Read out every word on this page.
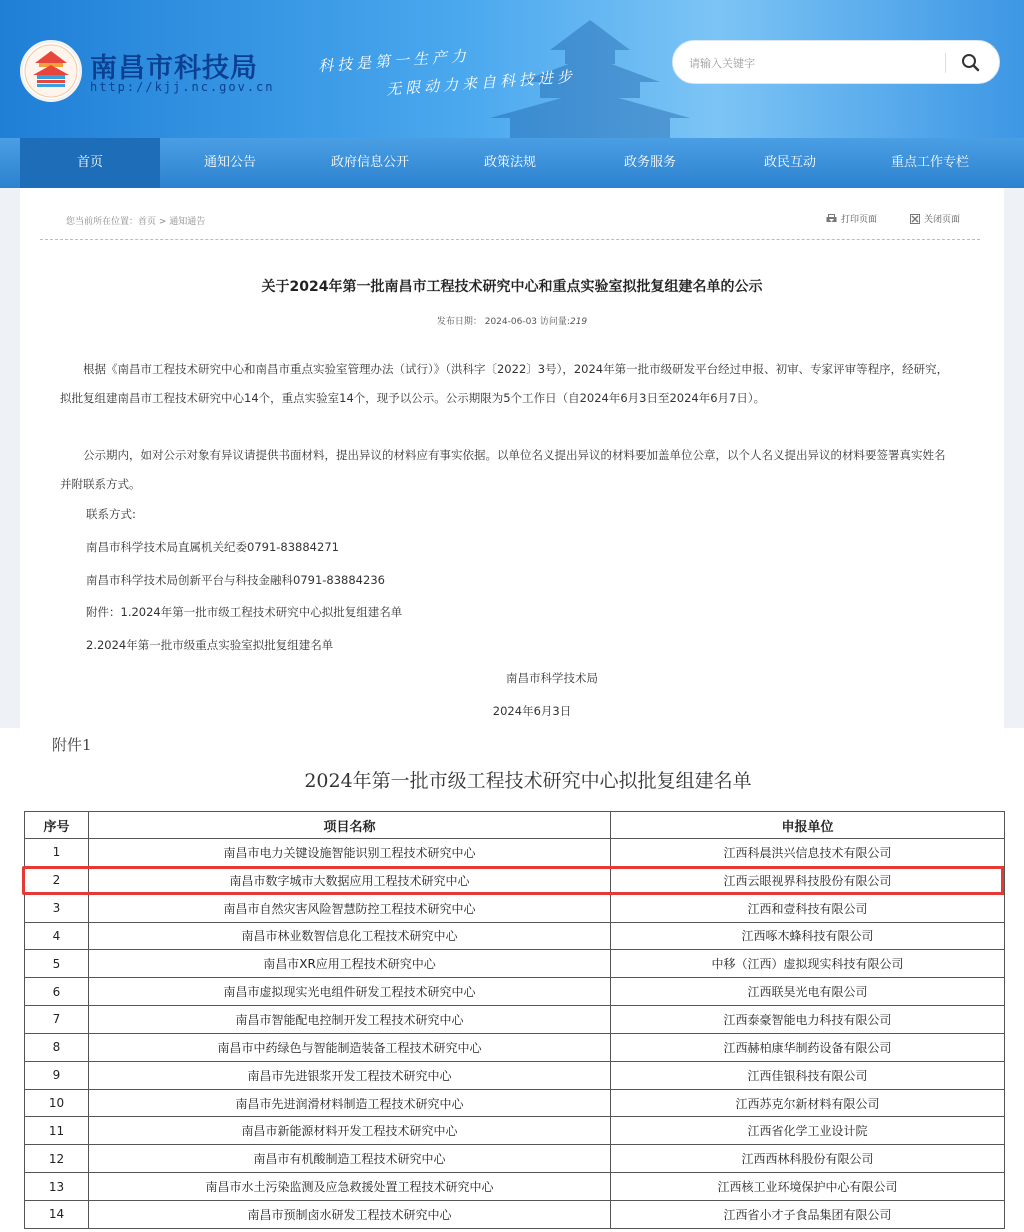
南昌市科技局
http://kjj.nc.gov.cn
科技是第一生产力
无限动力来自科技进步
请输入关键字
首页	通知公告	政府信息公开	政策法规	政务服务	政民互动	重点工作专栏
您当前所在位置：首页 > 通知通告	打印页面	关闭页面
关于2024年第一批南昌市工程技术研究中心和重点实验室拟批复组建名单的公示
发布日期： 2024-06-03 访问量:219

根据《南昌市工程技术研究中心和南昌市重点实验室管理办法（试行）》（洪科字〔2022〕3号），2024年第一批市级研发平台经过申报、初审、专家评审等程序，经研究，拟批复组建南昌市工程技术研究中心14个，重点实验室14个，现予以公示。公示期限为5个工作日（自2024年6月3日至2024年6月7日）。

公示期内，如对公示对象有异议请提供书面材料，提出异议的材料应有事实依据。以单位名义提出异议的材料要加盖单位公章，以个人名义提出异议的材料要签署真实姓名并附联系方式。

联系方式:
南昌市科学技术局直属机关纪委0791-83884271
南昌市科学技术局创新平台与科技金融科0791-83884236
附件：1.2024年第一批市级工程技术研究中心拟批复组建名单
2.2024年第一批市级重点实验室拟批复组建名单
南昌市科学技术局
2024年6月3日
附件1
2024年第一批市级工程技术研究中心拟批复组建名单
序号	项目名称	申报单位
1	南昌市电力关键设施智能识别工程技术研究中心	江西科晨洪兴信息技术有限公司
2	南昌市数字城市大数据应用工程技术研究中心	江西云眼视界科技股份有限公司
3	南昌市自然灾害风险智慧防控工程技术研究中心	江西和壹科技有限公司
4	南昌市林业数智信息化工程技术研究中心	江西啄木蜂科技有限公司
5	南昌市XR应用工程技术研究中心	中移（江西）虚拟现实科技有限公司
6	南昌市虚拟现实光电组件研发工程技术研究中心	江西联昊光电有限公司
7	南昌市智能配电控制开发工程技术研究中心	江西泰豪智能电力科技有限公司
8	南昌市中药绿色与智能制造装备工程技术研究中心	江西赫柏康华制药设备有限公司
9	南昌市先进银浆开发工程技术研究中心	江西佳银科技有限公司
10	南昌市先进润滑材料制造工程技术研究中心	江西苏克尔新材料有限公司
11	南昌市新能源材料开发工程技术研究中心	江西省化学工业设计院
12	南昌市有机酸制造工程技术研究中心	江西西林科股份有限公司
13	南昌市水土污染监测及应急救援处置工程技术研究中心	江西核工业环境保护中心有限公司
14	南昌市预制卤水研发工程技术研究中心	江西省小才子食品集团有限公司
